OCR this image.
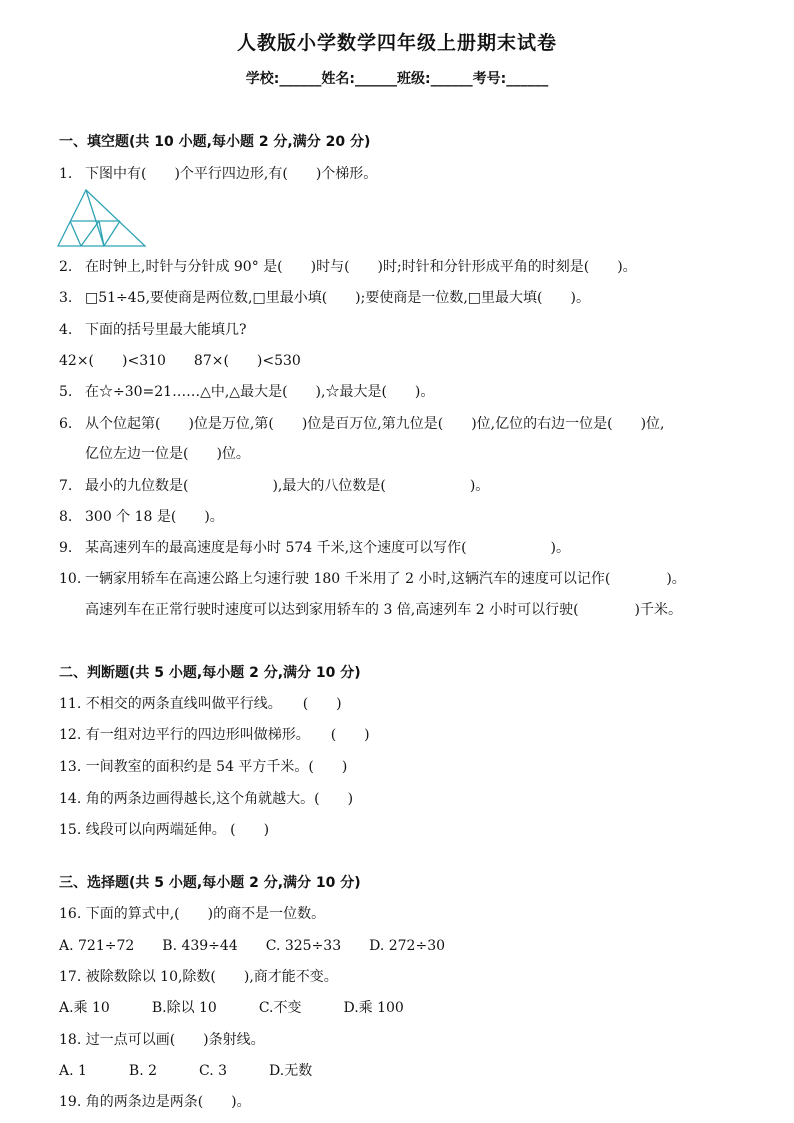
人教版小学数学四年级上册期末试卷
学校:______姓名:______班级:______考号:______
一、填空题(共 10 小题,每小题 2 分,满分 20 分)
1. 下图中有(　　)个平行四边形,有(　　)个梯形。
2. 在时钟上,时针与分针成 90° 是(　　)时与(　　)时;时针和分针形成平角的时刻是(　　)。
3. □51÷45,要使商是两位数,□里最小填(　　);要使商是一位数,□里最大填(　　)。
4. 下面的括号里最大能填几?
42×(　　)<310　　87×(　　)<530
5. 在☆÷30=21……△中,△最大是(　　),☆最大是(　　)。
6. 从个位起第(　　)位是万位,第(　　)位是百万位,第九位是(　　)位,亿位的右边一位是(　　)位,
亿位左边一位是(　　)位。
7. 最小的九位数是(　　　　　　),最大的八位数是(　　　　　　)。
8. 300 个 18 是(　　)。
9. 某高速列车的最高速度是每小时 574 千米,这个速度可以写作(　　　　　　)。
10. 一辆家用轿车在高速公路上匀速行驶 180 千米用了 2 小时,这辆汽车的速度可以记作(　　　　)。
高速列车在正常行驶时速度可以达到家用轿车的 3 倍,高速列车 2 小时可以行驶(　　　　)千米。
二、判断题(共 5 小题,每小题 2 分,满分 10 分)
11. 不相交的两条直线叫做平行线。　　(　　)
12. 有一组对边平行的四边形叫做梯形。　　(　　)
13. 一间教室的面积约是 54 平方千米。(　　)
14. 角的两条边画得越长,这个角就越大。(　　)
15. 线段可以向两端延伸。 (　　)
三、选择题(共 5 小题,每小题 2 分,满分 10 分)
16. 下面的算式中,(　　)的商不是一位数。
A. 721÷72　　B. 439÷44　　C. 325÷33　　D. 272÷30
17. 被除数除以 10,除数(　　),商才能不变。
A.乘 10　　　B.除以 10　　　C.不变　　　D.乘 100
18. 过一点可以画(　　)条射线。
A. 1　　　B. 2　　　C. 3　　　D.无数
19. 角的两条边是两条(　　)。
